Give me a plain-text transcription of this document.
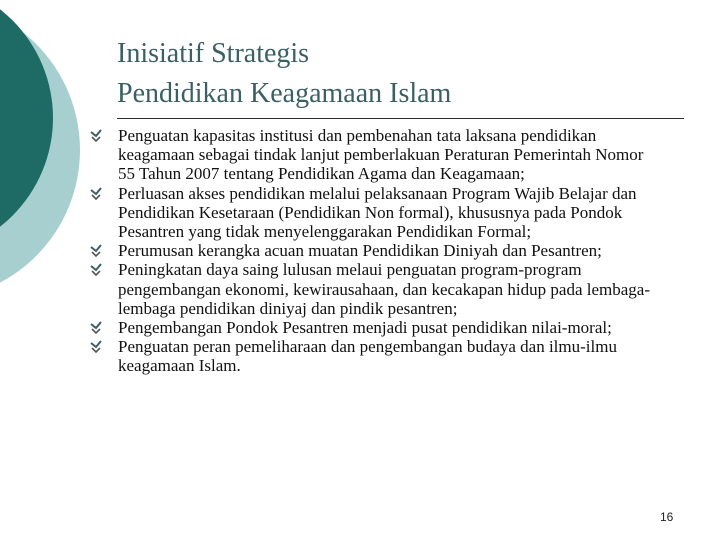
Inisiatif Strategis
Pendidikan Keagamaan Islam
Penguatan kapasitas institusi dan pembenahan tata laksana pendidikan keagamaan sebagai tindak lanjut pemberlakuan Peraturan Pemerintah Nomor 55 Tahun 2007 tentang Pendidikan Agama dan Keagamaan;
Perluasan akses pendidikan melalui pelaksanaan Program Wajib Belajar dan Pendidikan Kesetaraan (Pendidikan Non formal), khususnya pada Pondok Pesantren yang tidak menyelenggarakan Pendidikan Formal;
Perumusan kerangka acuan muatan Pendidikan Diniyah dan Pesantren;
Peningkatan daya saing lulusan melaui penguatan program-program pengembangan ekonomi, kewirausahaan, dan kecakapan hidup pada lembaga-lembaga pendidikan diniyaj dan pindik pesantren;
Pengembangan Pondok Pesantren menjadi pusat pendidikan nilai-moral;
Penguatan peran pemeliharaan dan pengembangan budaya dan ilmu-ilmu keagamaan Islam.
16
